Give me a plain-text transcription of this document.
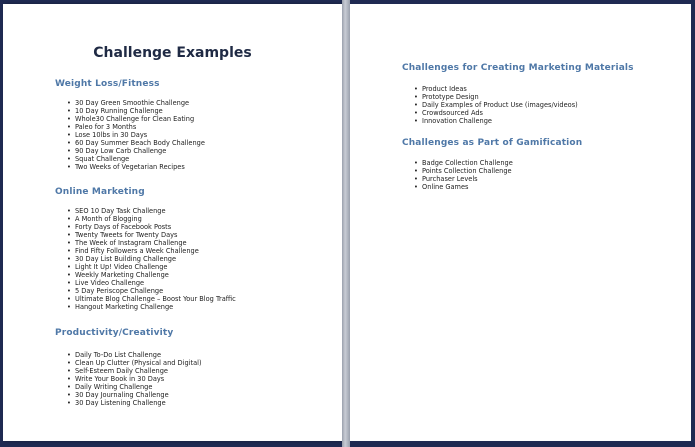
Challenge Examples
Weight Loss/Fitness
• 30 Day Green Smoothie Challenge
• 10 Day Running Challenge
• Whole30 Challenge for Clean Eating
• Paleo for 3 Months
• Lose 10lbs in 30 Days
• 60 Day Summer Beach Body Challenge
• 90 Day Low Carb Challenge
• Squat Challenge
• Two Weeks of Vegetarian Recipes
Online Marketing
• SEO 10 Day Task Challenge
• A Month of Blogging
• Forty Days of Facebook Posts
• Twenty Tweets for Twenty Days
• The Week of Instagram Challenge
• Find Fifty Followers a Week Challenge
• 30 Day List Building Challenge
• Light It Up! Video Challenge
• Weekly Marketing Challenge
• Live Video Challenge
• 5 Day Periscope Challenge
• Ultimate Blog Challenge – Boost Your Blog Traffic
• Hangout Marketing Challenge
Productivity/Creativity
• Daily To-Do List Challenge
• Clean Up Clutter (Physical and Digital)
• Self-Esteem Daily Challenge
• Write Your Book in 30 Days
• Daily Writing Challenge
• 30 Day Journaling Challenge
• 30 Day Listening Challenge
Challenges for Creating Marketing Materials
• Product Ideas
• Prototype Design
• Daily Examples of Product Use (images/videos)
• Crowdsourced Ads
• Innovation Challenge
Challenges as Part of Gamification
• Badge Collection Challenge
• Points Collection Challenge
• Purchaser Levels
• Online Games
